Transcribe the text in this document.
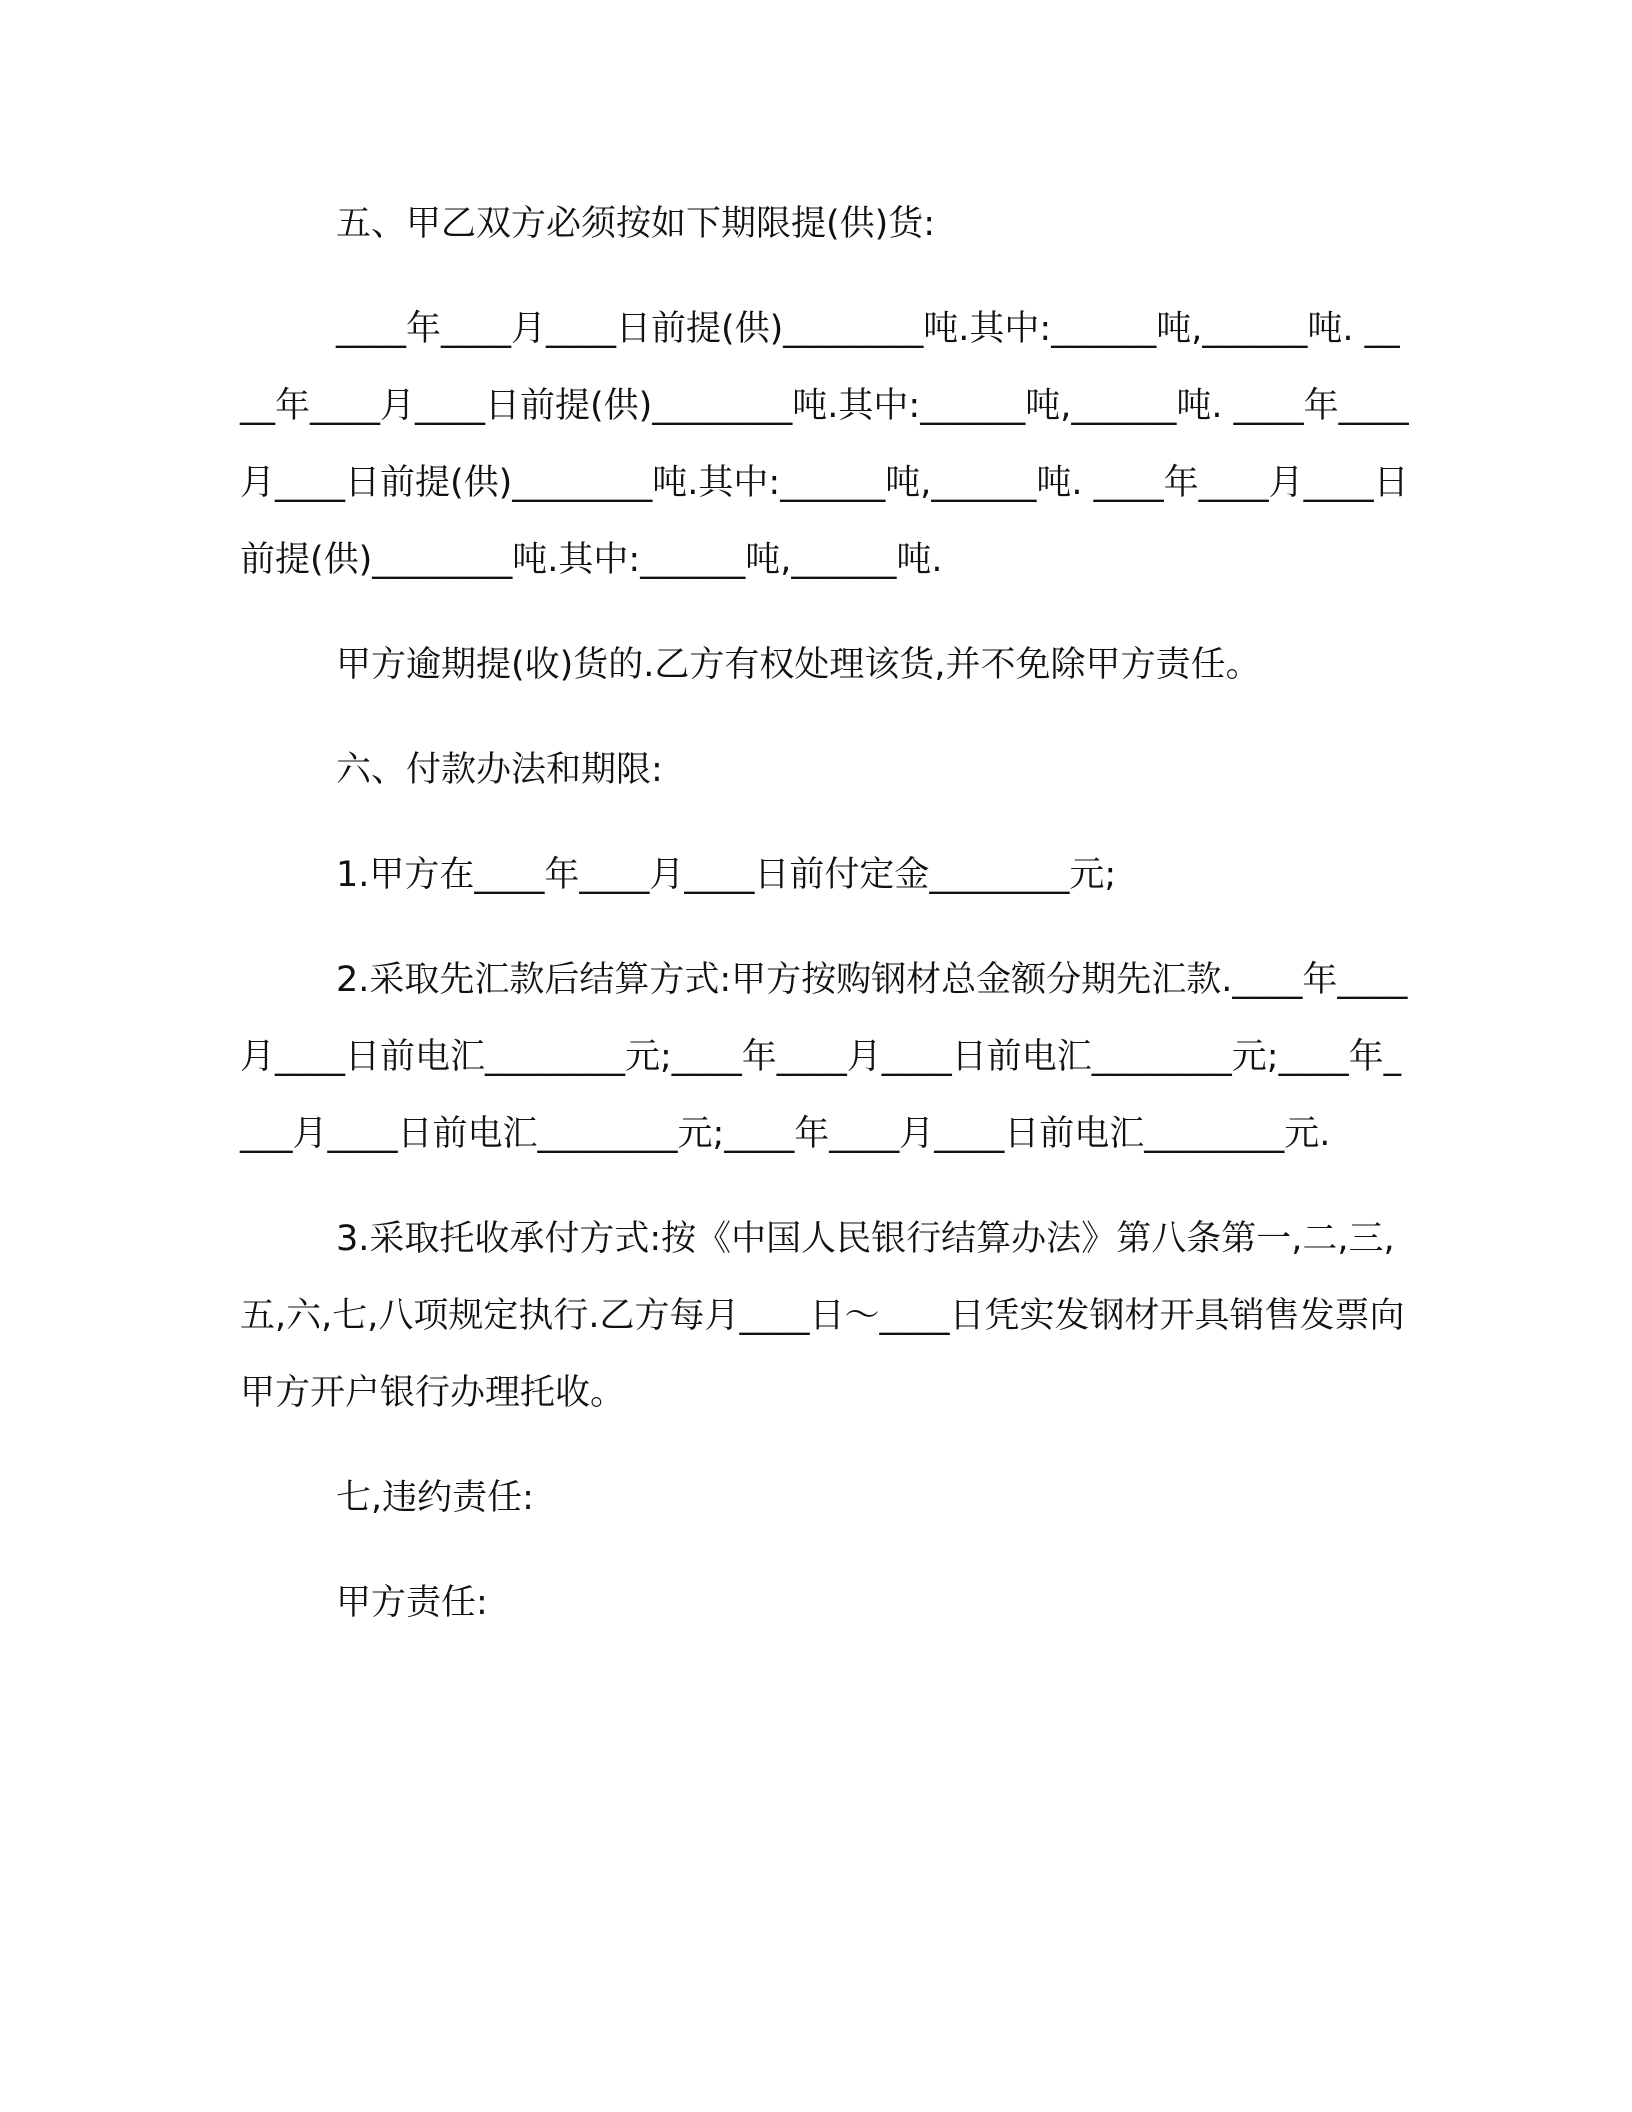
五、甲乙双方必须按如下期限提(供)货:

____年____月____日前提(供)________吨.其中:______吨,______吨. ____年____月____日前提(供)________吨.其中:______吨,______吨. ____年____月____日前提(供)________吨.其中:______吨,______吨. ____年____月____日前提(供)________吨.其中:______吨,______吨.

甲方逾期提(收)货的.乙方有权处理该货,并不免除甲方责任。

六、付款办法和期限:

1.甲方在____年____月____日前付定金________元;

2.采取先汇款后结算方式:甲方按购钢材总金额分期先汇款.____年____月____日前电汇________元;____年____月____日前电汇________元;____年____月____日前电汇________元;____年____月____日前电汇________元.

3.采取托收承付方式:按《中国人民银行结算办法》第八条第一,二,三,五,六,七,八项规定执行.乙方每月____日～____日凭实发钢材开具销售发票向甲方开户银行办理托收。

七,违约责任:

甲方责任:
